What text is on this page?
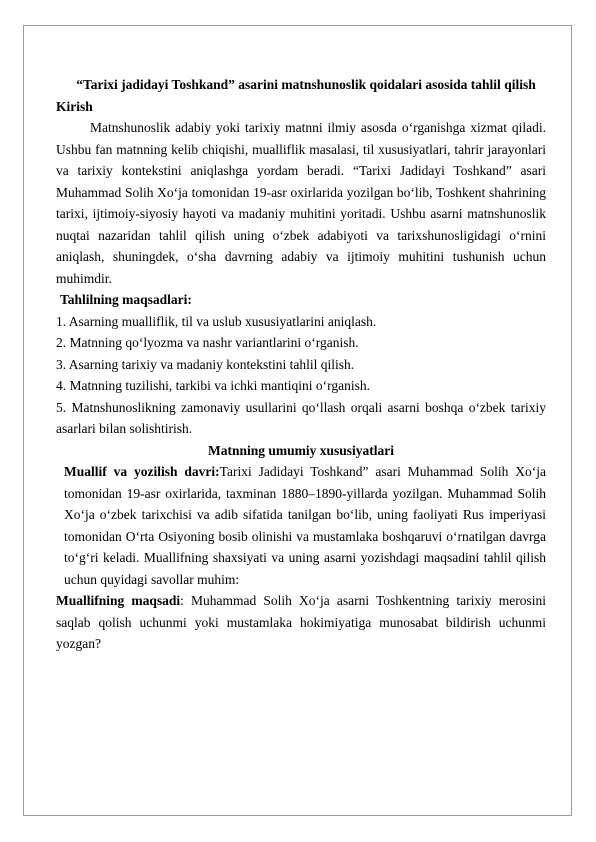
“Tarixi jadidayi Toshkand” asarini matnshunoslik qoidalari asosida tahlil qilish

Kirish

Matnshunoslik adabiy yoki tarixiy matnni ilmiy asosda o‘rganishga xizmat qiladi. Ushbu fan matnning kelib chiqishi, mualliflik masalasi, til xususiyatlari, tahrir jarayonlari va tarixiy kontekstini aniqlashga yordam beradi. “Tarixi Jadidayi Toshkand” asari Muhammad Solih Xo‘ja tomonidan 19-asr oxirlarida yozilgan bo‘lib, Toshkent shahrining tarixi, ijtimoiy-siyosiy hayoti va madaniy muhitini yoritadi. Ushbu asarni matnshunoslik nuqtai nazaridan tahlil qilish uning o‘zbek adabiyoti va tarixshunosligidagi o‘rnini aniqlash, shuningdek, o‘sha davrning adabiy va ijtimoiy muhitini tushunish uchun muhimdir.

Tahlilning maqsadlari:

1. Asarning mualliflik, til va uslub xususiyatlarini aniqlash.

2. Matnning qo‘lyozma va nashr variantlarini o‘rganish.

3. Asarning tarixiy va madaniy kontekstini tahlil qilish.

4. Matnning tuzilishi, tarkibi va ichki mantiqini o‘rganish.

5. Matnshunoslikning zamonaviy usullarini qo‘llash orqali asarni boshqa o‘zbek tarixiy asarlari bilan solishtirish.

Matnning umumiy xususiyatlari

Muallif va yozilish davri:Tarixi Jadidayi Toshkand” asari Muhammad Solih Xo‘ja tomonidan 19-asr oxirlarida, taxminan 1880–1890-yillarda yozilgan. Muhammad Solih Xo‘ja o‘zbek tarixchisi va adib sifatida tanilgan bo‘lib, uning faoliyati Rus imperiyasi tomonidan O‘rta Osiyoning bosib olinishi va mustamlaka boshqaruvi o‘rnatilgan davrga to‘g‘ri keladi. Muallifning shaxsiyati va uning asarni yozishdagi maqsadini tahlil qilish uchun quyidagi savollar muhim:

Muallifning maqsadi: Muhammad Solih Xo‘ja asarni Toshkentning tarixiy merosini saqlab qolish uchunmi yoki mustamlaka hokimiyatiga munosabat bildirish uchunmi yozgan?
